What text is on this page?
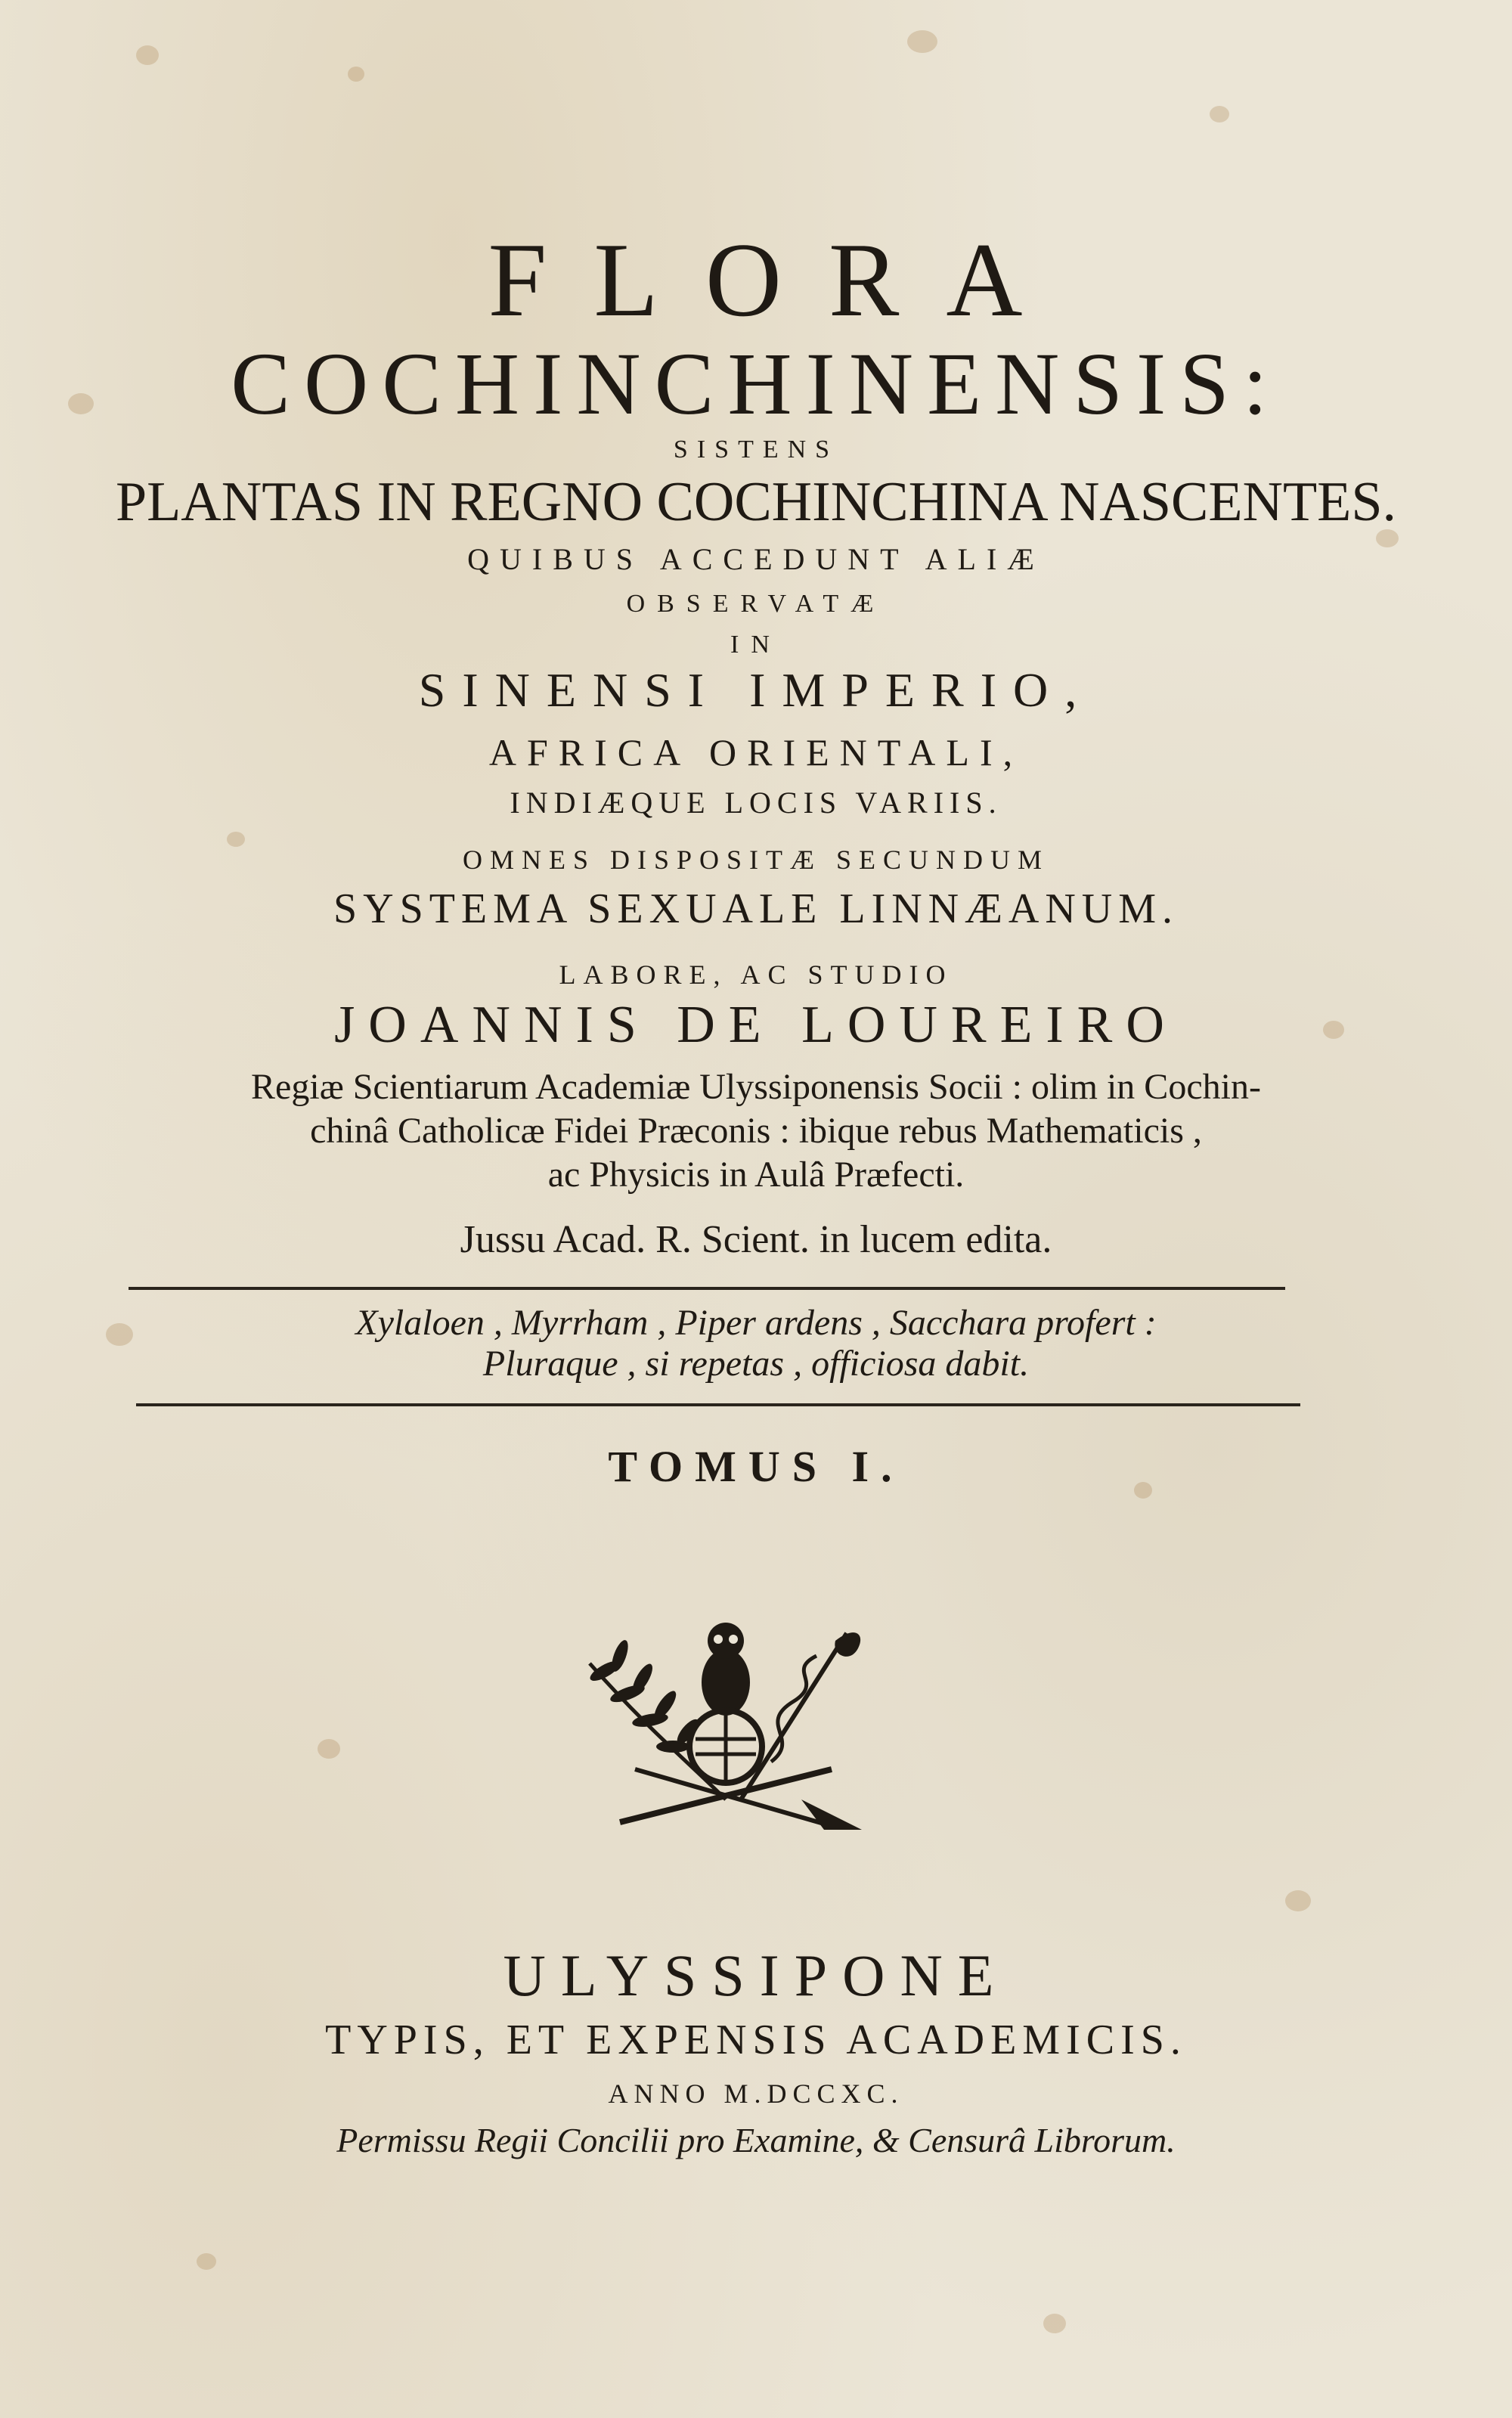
FLORA
COCHINCHINENSIS:
SISTENS
PLANTAS IN REGNO COCHINCHINA NASCENTES.
QUIBUS ACCEDUNT ALIÆ
OBSERVATÆ
IN
SINENSI IMPERIO,
AFRICA ORIENTALI,
INDIÆQUE LOCIS VARIIS.
OMNES DISPOSITÆ SECUNDUM
SYSTEMA SEXUALE LINNÆANUM.
LABORE, AC STUDIO
JOANNIS DE LOUREIRO
Regiæ Scientiarum Academiæ Ulyssiponensis Socii : olim in Cochin-
chinâ Catholicæ Fidei Præconis : ibique rebus Mathematicis ,
ac Physicis in Aulâ Præfecti.
Jussu Acad. R. Scient. in lucem edita.
Xylaloen , Myrrham , Piper ardens , Sacchara profert :
Pluraque , si repetas , officiosa dabit.
TOMUS I.
ULYSSIPONE
TYPIS, ET EXPENSIS ACADEMICIS.
ANNO M.DCCXC.
Permissu Regii Concilii pro Examine, & Censurâ Librorum.
